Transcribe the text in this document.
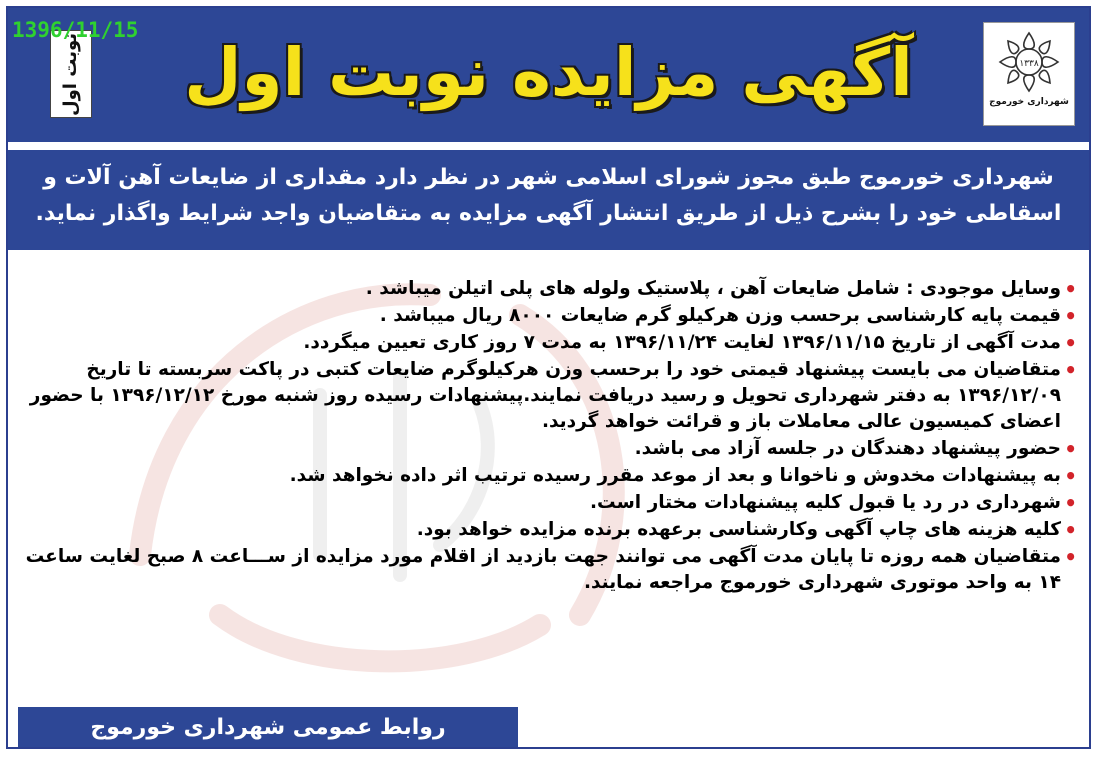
نوبت اول	آگهی مزایده نوبت اول	۱۳۳۸
شهرداری خورموج
1396/11/15

شهرداری خورموج طبق مجوز شورای اسلامی شهر در نظر دارد مقداری از ضایعات آهن آلات و اسقاطی خود را بشرح ذیل از طریق انتشار آگهی مزایده به متقاضیان واجد شرایط واگذار نماید.

• وسایل موجودی : شامل ضایعات آهن ، پلاستیک ولوله های پلی اتیلن میباشد .
• قیمت پایه کارشناسی برحسب وزن هرکیلو گرم ضایعات ۸۰۰۰ ریال میباشد .
• مدت آگهی از تاریخ ۱۳۹۶/۱۱/۱۵ لغایت ۱۳۹۶/۱۱/۲۴ به مدت ۷ روز کاری تعیین میگردد.
• متقاضیان می بایست پیشنهاد قیمتی خود را برحسب وزن هرکیلوگرم ضایعات کتبی در پاکت سربسته تا تاریخ ۱۳۹۶/۱۲/۰۹ به دفتر شهرداری تحویل و رسید دریافت نمایند.پیشنهادات رسیده روز شنبه مورخ ۱۳۹۶/۱۲/۱۲ با حضور اعضای کمیسیون عالی معاملات باز و قرائت خواهد گردید.
• حضور پیشنهاد دهندگان در جلسه آزاد می باشد.
• به پیشنهادات مخدوش و ناخوانا و بعد از موعد مقرر رسیده ترتیب اثر داده نخواهد شد.
• شهرداری در رد یا قبول کلیه پیشنهادات مختار است.
• کلیه هزینه های چاپ آگهی وکارشناسی برعهده برنده مزایده خواهد بود.
• متقاضیان همه روزه تا پایان مدت آگهی می توانند جهت بازدید از اقلام مورد مزایده از ســـاعت ۸ صبح لغایت ساعت ۱۴ به واحد موتوری شهرداری خورموج مراجعه نمایند.
روابط عمومی شهرداری خورموج
